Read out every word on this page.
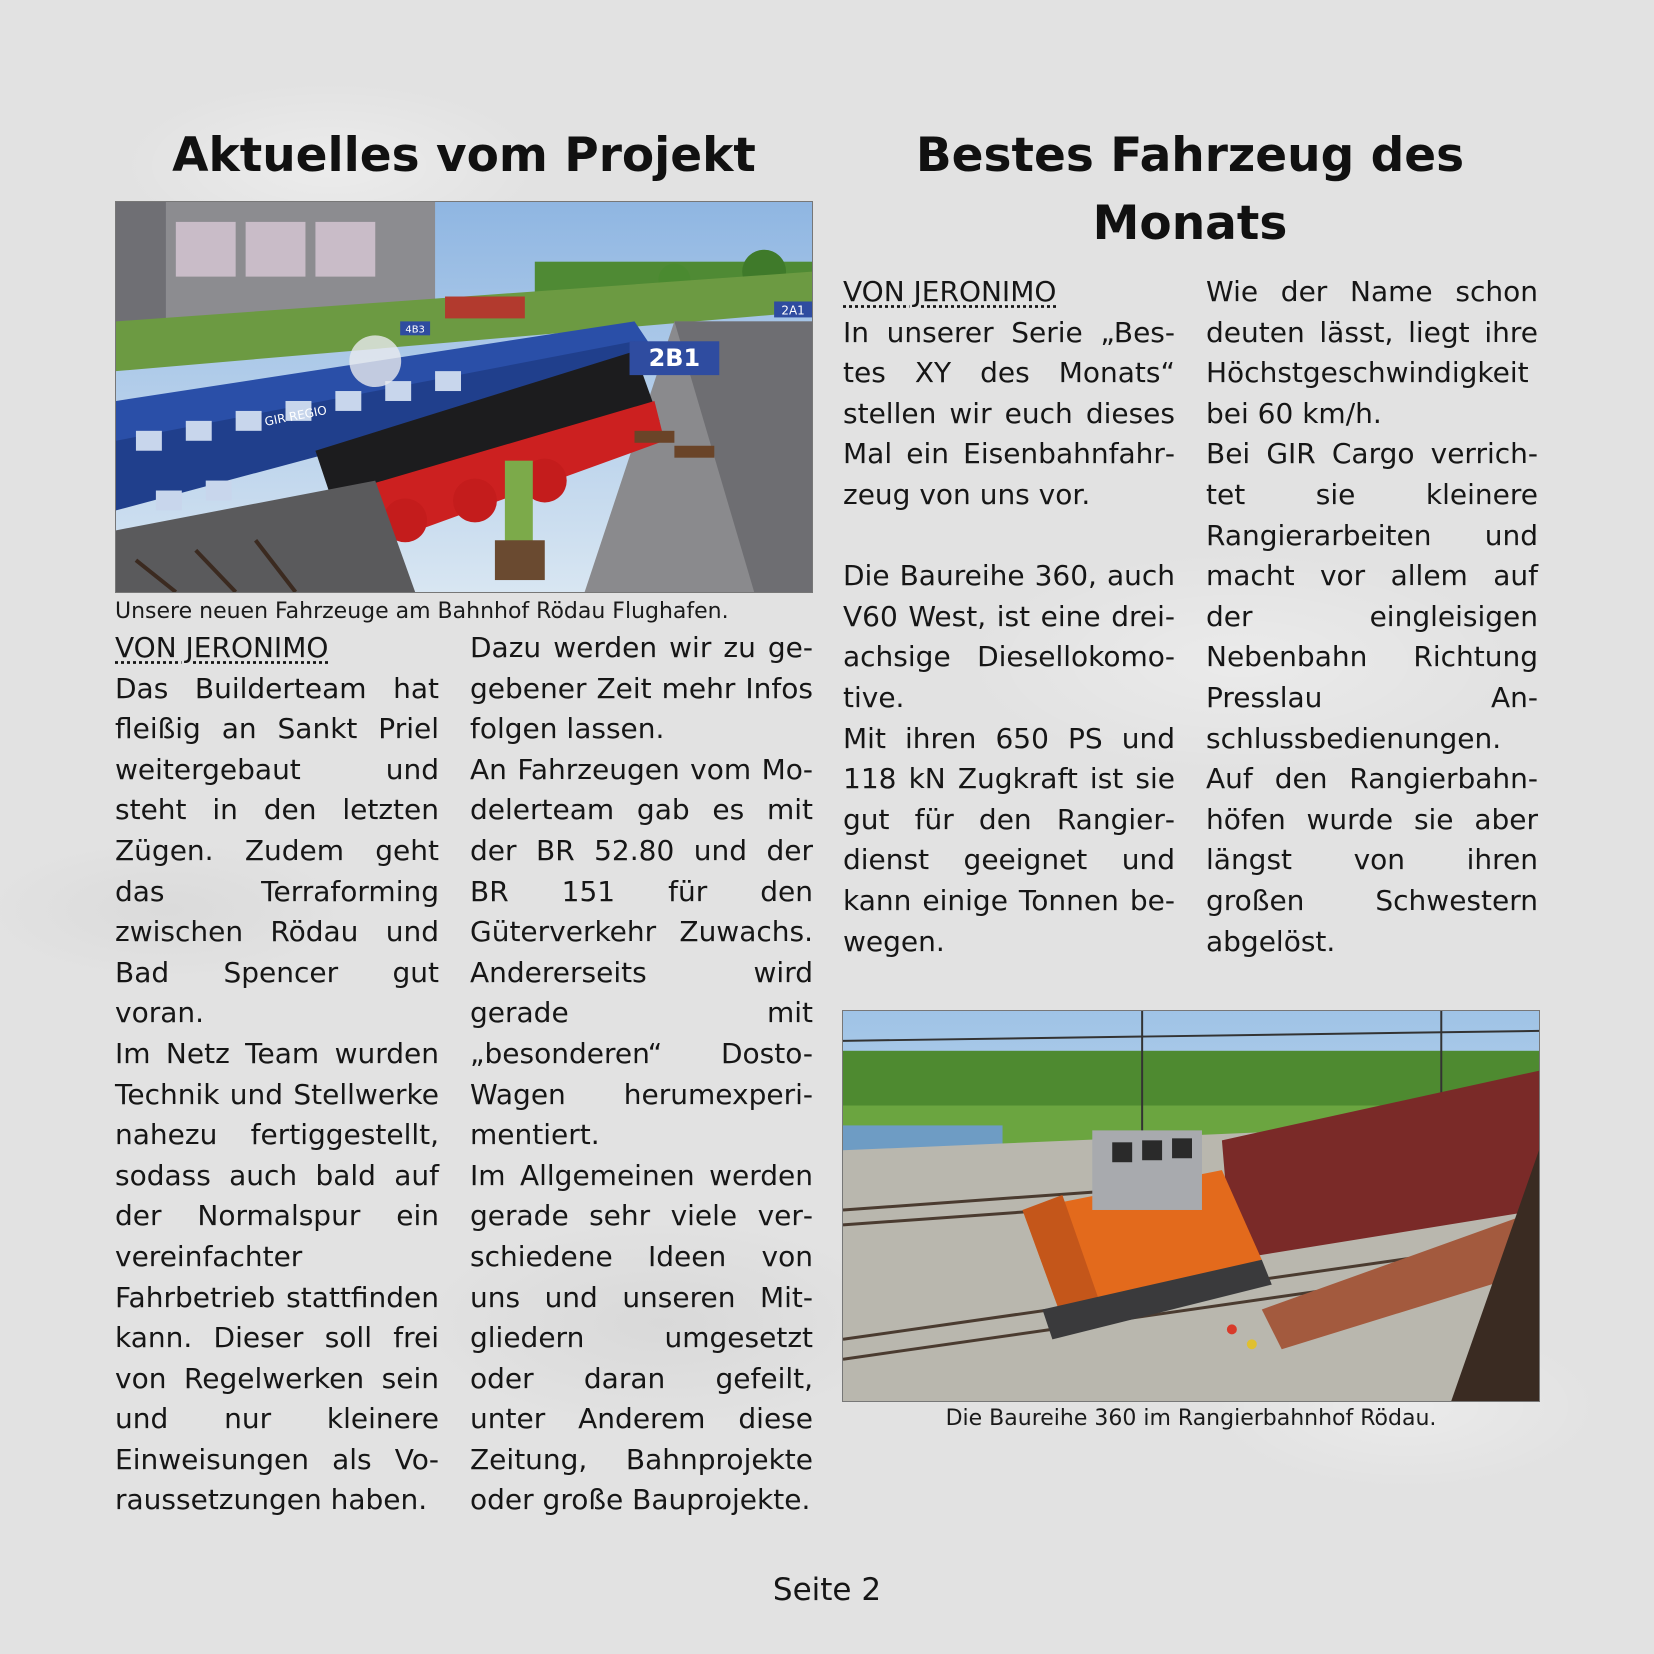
Aktuelles vom Projekt
GIR REGIO
2B1
2A1
4B3
Unsere neuen Fahrzeuge am Bahnhof Rödau Flughafen.
VON JERONIMO

Das Builderteam hat fleißig an Sankt Priel weitergebaut und steht in den letzten Zügen. Zudem geht das Terraforming zwischen Rödau und Bad Spencer gut voran.

Im Netz Team wurden Technik und Stellwerke nahezu fertiggestellt, sodass auch bald auf der Normalspur ein vereinfachter Fahrbetrieb stattfinden kann. Dieser soll frei von Regelwerken sein und nur kleinere Einweisungen als Voraussetzungen haben.

Dazu werden wir zu gegebener Zeit mehr Infos folgen lassen.

An Fahrzeugen vom Modelerteam gab es mit der BR 52.80 und der BR 151 für den Güterverkehr Zuwachs. Andererseits wird gerade mit „besonderen“ Dosto-Wagen herumexperimentiert.

Im Allgemeinen werden gerade sehr viele verschiedene Ideen von uns und unseren Mitgliedern umgesetzt oder daran gefeilt, unter Anderem diese Zeitung, Bahnprojekte oder große Bauprojekte.

Bestes Fahrzeug des Monats
VON JERONIMO

In unserer Serie „Bestes XY des Monats“ stellen wir euch dieses Mal ein Eisenbahnfahrzeug von uns vor.

Die Baureihe 360, auch V60 West, ist eine dreiachsige Diesellokomotive.

Mit ihren 650 PS und 118 kN Zugkraft ist sie gut für den Rangierdienst geeignet und kann einige Tonnen bewegen.

Wie der Name schon deuten lässt, liegt ihre Höchstgeschwindigkeit bei 60 km/h.

Bei GIR Cargo verrichtet sie kleinere Rangierarbeiten und macht vor allem auf der eingleisigen Nebenbahn Richtung Presslau Anschlussbedienungen.

Auf den Rangierbahnhöfen wurde sie aber längst von ihren großen Schwestern abgelöst.

Die Baureihe 360 im Rangierbahnhof Rödau.
Seite 2
